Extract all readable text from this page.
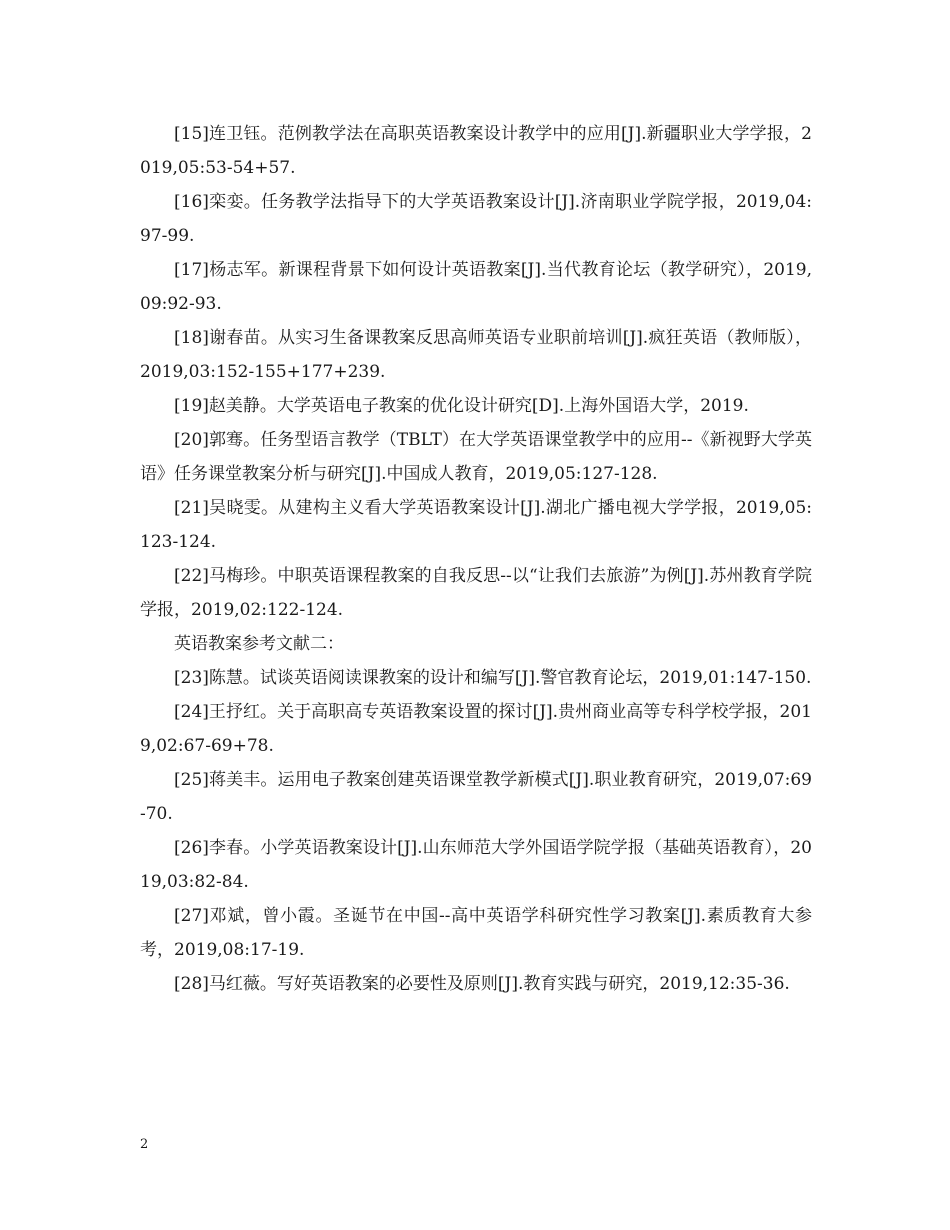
[15]连卫钰。范例教学法在高职英语教案设计教学中的应用[J].新疆职业大学学报，2019,05:53-54+57.

[16]栾娈。任务教学法指导下的大学英语教案设计[J].济南职业学院学报，2019,04:97-99.

[17]杨志军。新课程背景下如何设计英语教案[J].当代教育论坛（教学研究），2019,09:92-93.

[18]谢春苗。从实习生备课教案反思高师英语专业职前培训[J].疯狂英语（教师版），2019,03:152-155+177+239.

[19]赵美静。大学英语电子教案的优化设计研究[D].上海外国语大学，2019.

[20]郭骞。任务型语言教学（TBLT）在大学英语课堂教学中的应用--《新视野大学英语》任务课堂教案分析与研究[J].中国成人教育，2019,05:127-128.

[21]吴晓雯。从建构主义看大学英语教案设计[J].湖北广播电视大学学报，2019,05:123-124.

[22]马梅珍。中职英语课程教案的自我反思--以“让我们去旅游”为例[J].苏州教育学院学报，2019,02:122-124.

英语教案参考文献二：

[23]陈慧。试谈英语阅读课教案的设计和编写[J].警官教育论坛，2019,01:147-150.

[24]王抒红。关于高职高专英语教案设置的探讨[J].贵州商业高等专科学校学报，2019,02:67-69+78.

[25]蒋美丰。运用电子教案创建英语课堂教学新模式[J].职业教育研究，2019,07:69-70.

[26]李春。小学英语教案设计[J].山东师范大学外国语学院学报（基础英语教育），2019,03:82-84.

[27]邓斌，曾小霞。圣诞节在中国--高中英语学科研究性学习教案[J].素质教育大参考，2019,08:17-19.

[28]马红薇。写好英语教案的必要性及原则[J].教育实践与研究，2019,12:35-36.

2
